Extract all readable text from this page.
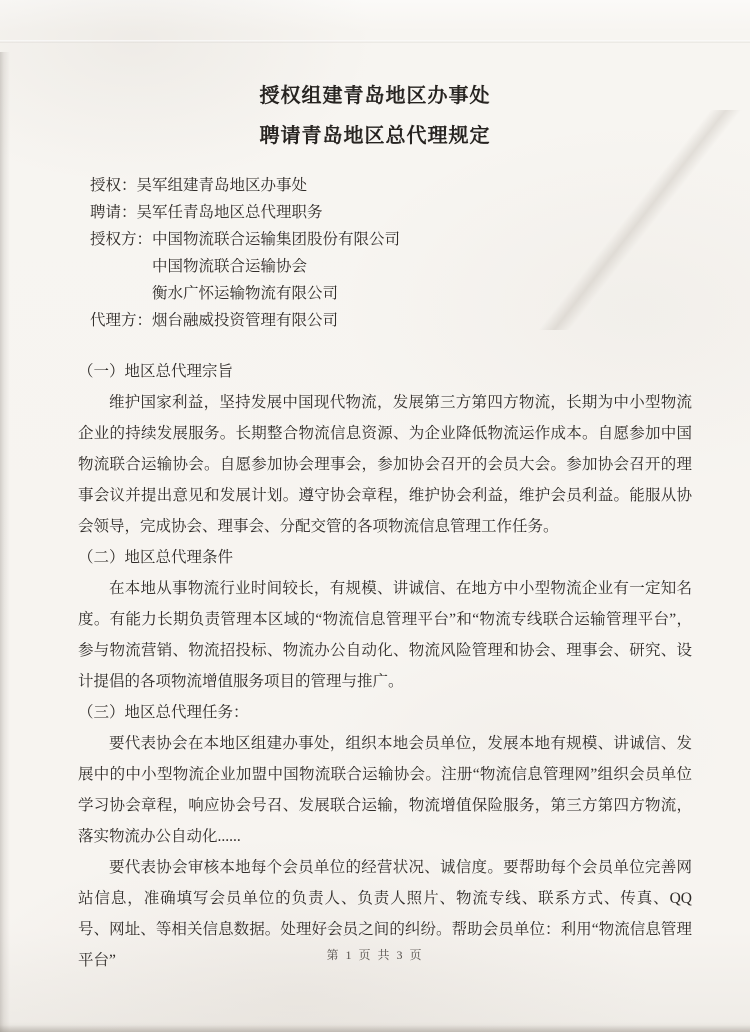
授权组建青岛地区办事处
聘请青岛地区总代理规定
授权：吴军组建青岛地区办事处
聘请：吴军任青岛地区总代理职务
授权方：中国物流联合运输集团股份有限公司
中国物流联合运输协会
衡水广怀运输物流有限公司
代理方：烟台融威投资管理有限公司
（一）地区总代理宗旨

维护国家利益，坚持发展中国现代物流，发展第三方第四方物流，长期为中小型物流企业的持续发展服务。长期整合物流信息资源、为企业降低物流运作成本。自愿参加中国物流联合运输协会。自愿参加协会理事会，参加协会召开的会员大会。参加协会召开的理事会议并提出意见和发展计划。遵守协会章程，维护协会利益，维护会员利益。能服从协会领导，完成协会、理事会、分配交管的各项物流信息管理工作任务。

（二）地区总代理条件

在本地从事物流行业时间较长，有规模、讲诚信、在地方中小型物流企业有一定知名度。有能力长期负责管理本区域的“物流信息管理平台”和“物流专线联合运输管理平台”，参与物流营销、物流招投标、物流办公自动化、物流风险管理和协会、理事会、研究、设计提倡的各项物流增值服务项目的管理与推广。

（三）地区总代理任务：

要代表协会在本地区组建办事处，组织本地会员单位，发展本地有规模、讲诚信、发展中的中小型物流企业加盟中国物流联合运输协会。注册“物流信息管理网”组织会员单位学习协会章程，响应协会号召、发展联合运输，物流增值保险服务，第三方第四方物流，落实物流办公自动化......

要代表协会审核本地每个会员单位的经营状况、诚信度。要帮助每个会员单位完善网站信息，准确填写会员单位的负责人、负责人照片、物流专线、联系方式、传真、QQ 号、网址、等相关信息数据。处理好会员之间的纠纷。帮助会员单位：利用“物流信息管理平台”	第 1 页 共 3 页
